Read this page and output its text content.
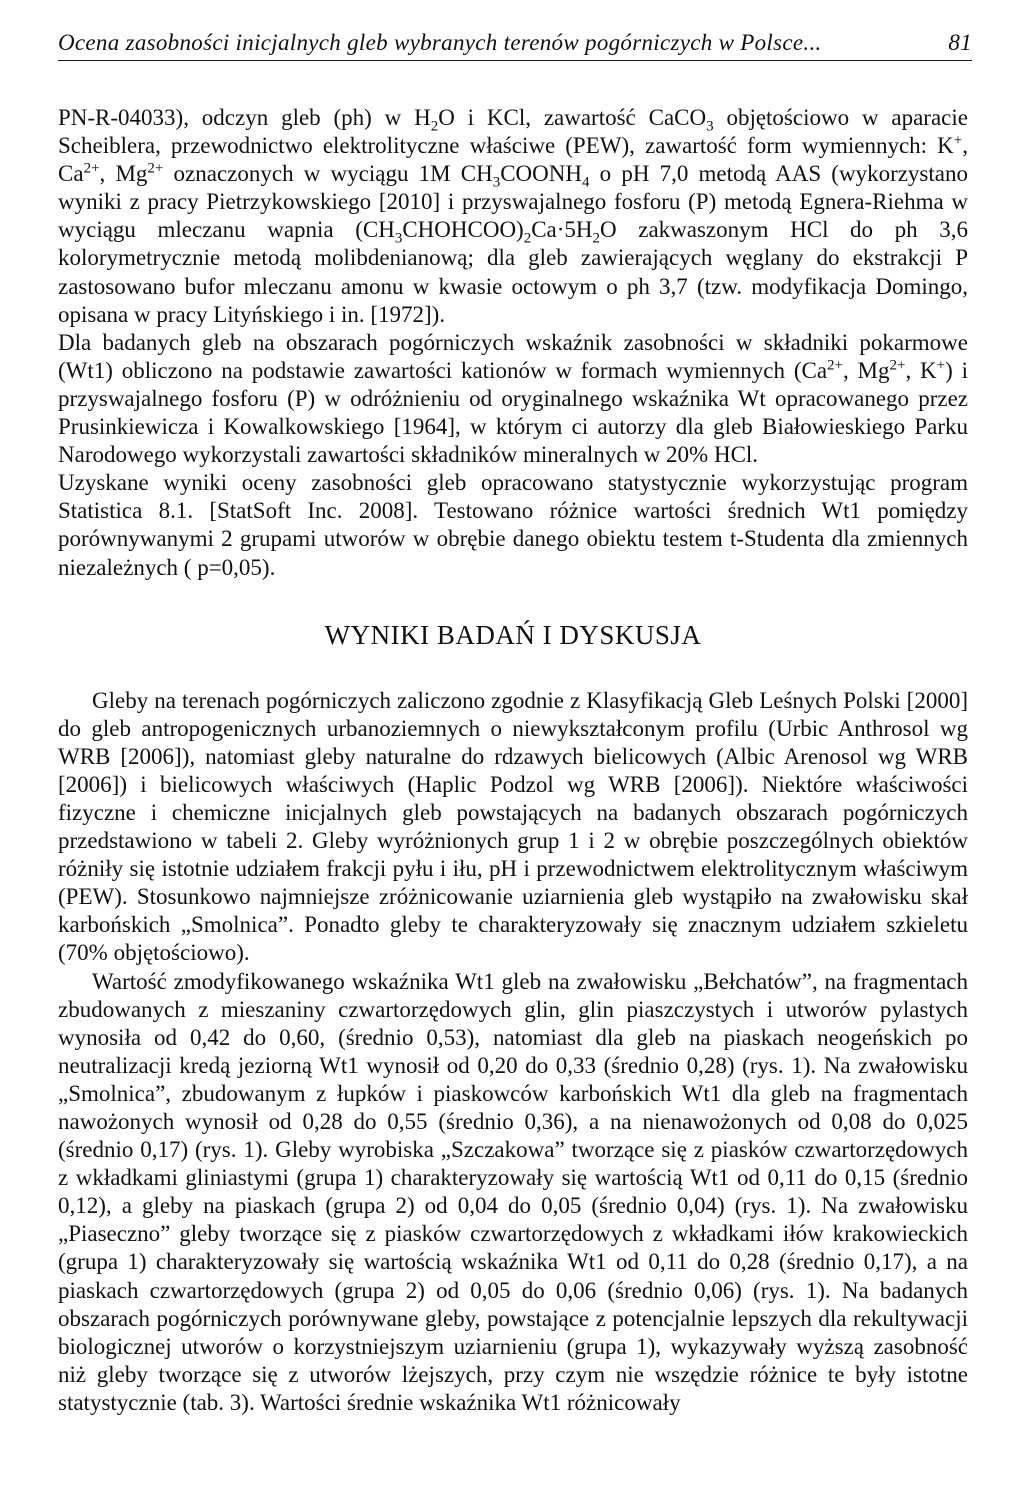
Ocena zasobności inicjalnych gleb wybranych terenów pogórniczych w Polsce...	81

PN-R-04033), odczyn gleb (ph) w $H_2O$ i KCl, zawartość CaCO$_3$ objętościowo w aparacie Scheiblera, przewodnictwo elektrolityczne właściwe (PEW), zawartość form wymiennych: K+, $Ca^{2+}$, $Mg^{2+}$ oznaczonych w wyciągu 1M $CH_3COONH_4$ o pH 7,0 metodą AAS (wykorzystano wyniki z pracy Pietrzykowskiego [2010] i przyswajalnego fosforu (P) metodą Egnera-Riehma w wyciągu mleczanu wapnia $(CH_3CHOHCOO)_2Ca\cdot 5H_2O$ zakwaszonym HCl do ph 3,6 kolorymetrycznie metodą molibdenianową; dla gleb zawierających węglany do ekstrakcji P zastosowano bufor mleczanu amonu w kwasie octowym o ph 3,7 (tzw. modyfikacja Domingo, opisana w pracy Lityńskiego i in. [1972]).

Dla badanych gleb na obszarach pogórniczych wskaźnik zasobności w składniki pokarmowe (Wt1) obliczono na podstawie zawartości kationów w formach wymiennych ($Ca^{2+}$, $Mg^{2+}$, K+) i przyswajalnego fosforu (P) w odróżnieniu od oryginalnego wskaźnika Wt opracowanego przez Prusinkiewicza i Kowalkowskiego [1964], w którym ci autorzy dla gleb Białowieskiego Parku Narodowego wykorzystali zawartości składników mineralnych w 20% HCl.

Uzyskane wyniki oceny zasobności gleb opracowano statystycznie wykorzystując program Statistica 8.1. [StatSoft Inc. 2008]. Testowano różnice wartości średnich Wt1 pomiędzy porównywanymi 2 grupami utworów w obrębie danego obiektu testem t-Studenta dla zmiennych niezależnych ( p=0,05).

WYNIKI BADAŃ I DYSKUSJA

Gleby na terenach pogórniczych zaliczono zgodnie z Klasyfikacją Gleb Leśnych Polski [2000] do gleb antropogenicznych urbanoziemnych o niewykształconym profilu (Urbic Anthrosol wg WRB [2006]), natomiast gleby naturalne do rdzawych bielicowych (Albic Arenosol wg WRB [2006]) i bielicowych właściwych (Haplic Podzol wg WRB [2006]). Niektóre właściwości fizyczne i chemiczne inicjalnych gleb powstających na badanych obszarach pogórniczych przedstawiono w tabeli 2. Gleby wyróżnionych grup 1 i 2 w obrębie poszczególnych obiektów różniły się istotnie udziałem frakcji pyłu i iłu, pH i przewodnictwem elektrolitycznym właściwym (PEW). Stosunkowo najmniejsze zróżnicowanie uziarnienia gleb wystąpiło na zwałowisku skał karbońskich „Smolnica”. Ponadto gleby te charakteryzowały się znacznym udziałem szkieletu (70% objętościowo).

Wartość zmodyfikowanego wskaźnika Wt1 gleb na zwałowisku „Bełchatów”, na fragmentach zbudowanych z mieszaniny czwartorzędowych glin, glin piaszczystych i utworów pylastych wynosiła od 0,42 do 0,60, (średnio 0,53), natomiast dla gleb na piaskach neogeńskich po neutralizacji kredą jeziorną Wt1 wynosił od 0,20 do 0,33 (średnio 0,28) (rys. 1). Na zwałowisku „Smolnica”, zbudowanym z łupków i piaskowców karbońskich Wt1 dla gleb na fragmentach nawożonych wynosił od 0,28 do 0,55 (średnio 0,36), a na nienawożonych od 0,08 do 0,025 (średnio 0,17) (rys. 1). Gleby wyrobiska „Szczakowa” tworzące się z piasków czwartorzędowych z wkładkami gliniastymi (grupa 1) charakteryzowały się wartością Wt1 od 0,11 do 0,15 (średnio 0,12), a gleby na piaskach (grupa 2) od 0,04 do 0,05 (średnio 0,04) (rys. 1). Na zwałowisku „Piaseczno” gleby tworzące się z piasków czwartorzędowych z wkładkami iłów krakowieckich (grupa 1) charakteryzowały się wartością wskaźnika Wt1 od 0,11 do 0,28 (średnio 0,17), a na piaskach czwartorzędowych (grupa 2) od 0,05 do 0,06 (średnio 0,06) (rys. 1). Na badanych obszarach pogórniczych porównywane gleby, powstające z potencjalnie lepszych dla rekultywacji biologicznej utworów o korzystniejszym uziarnieniu (grupa 1), wykazywały wyższą zasobność niż gleby tworzące się z utworów lżejszych, przy czym nie wszędzie różnice te były istotne statystycznie (tab. 3). Wartości średnie wskaźnika Wt1 różnicowały
